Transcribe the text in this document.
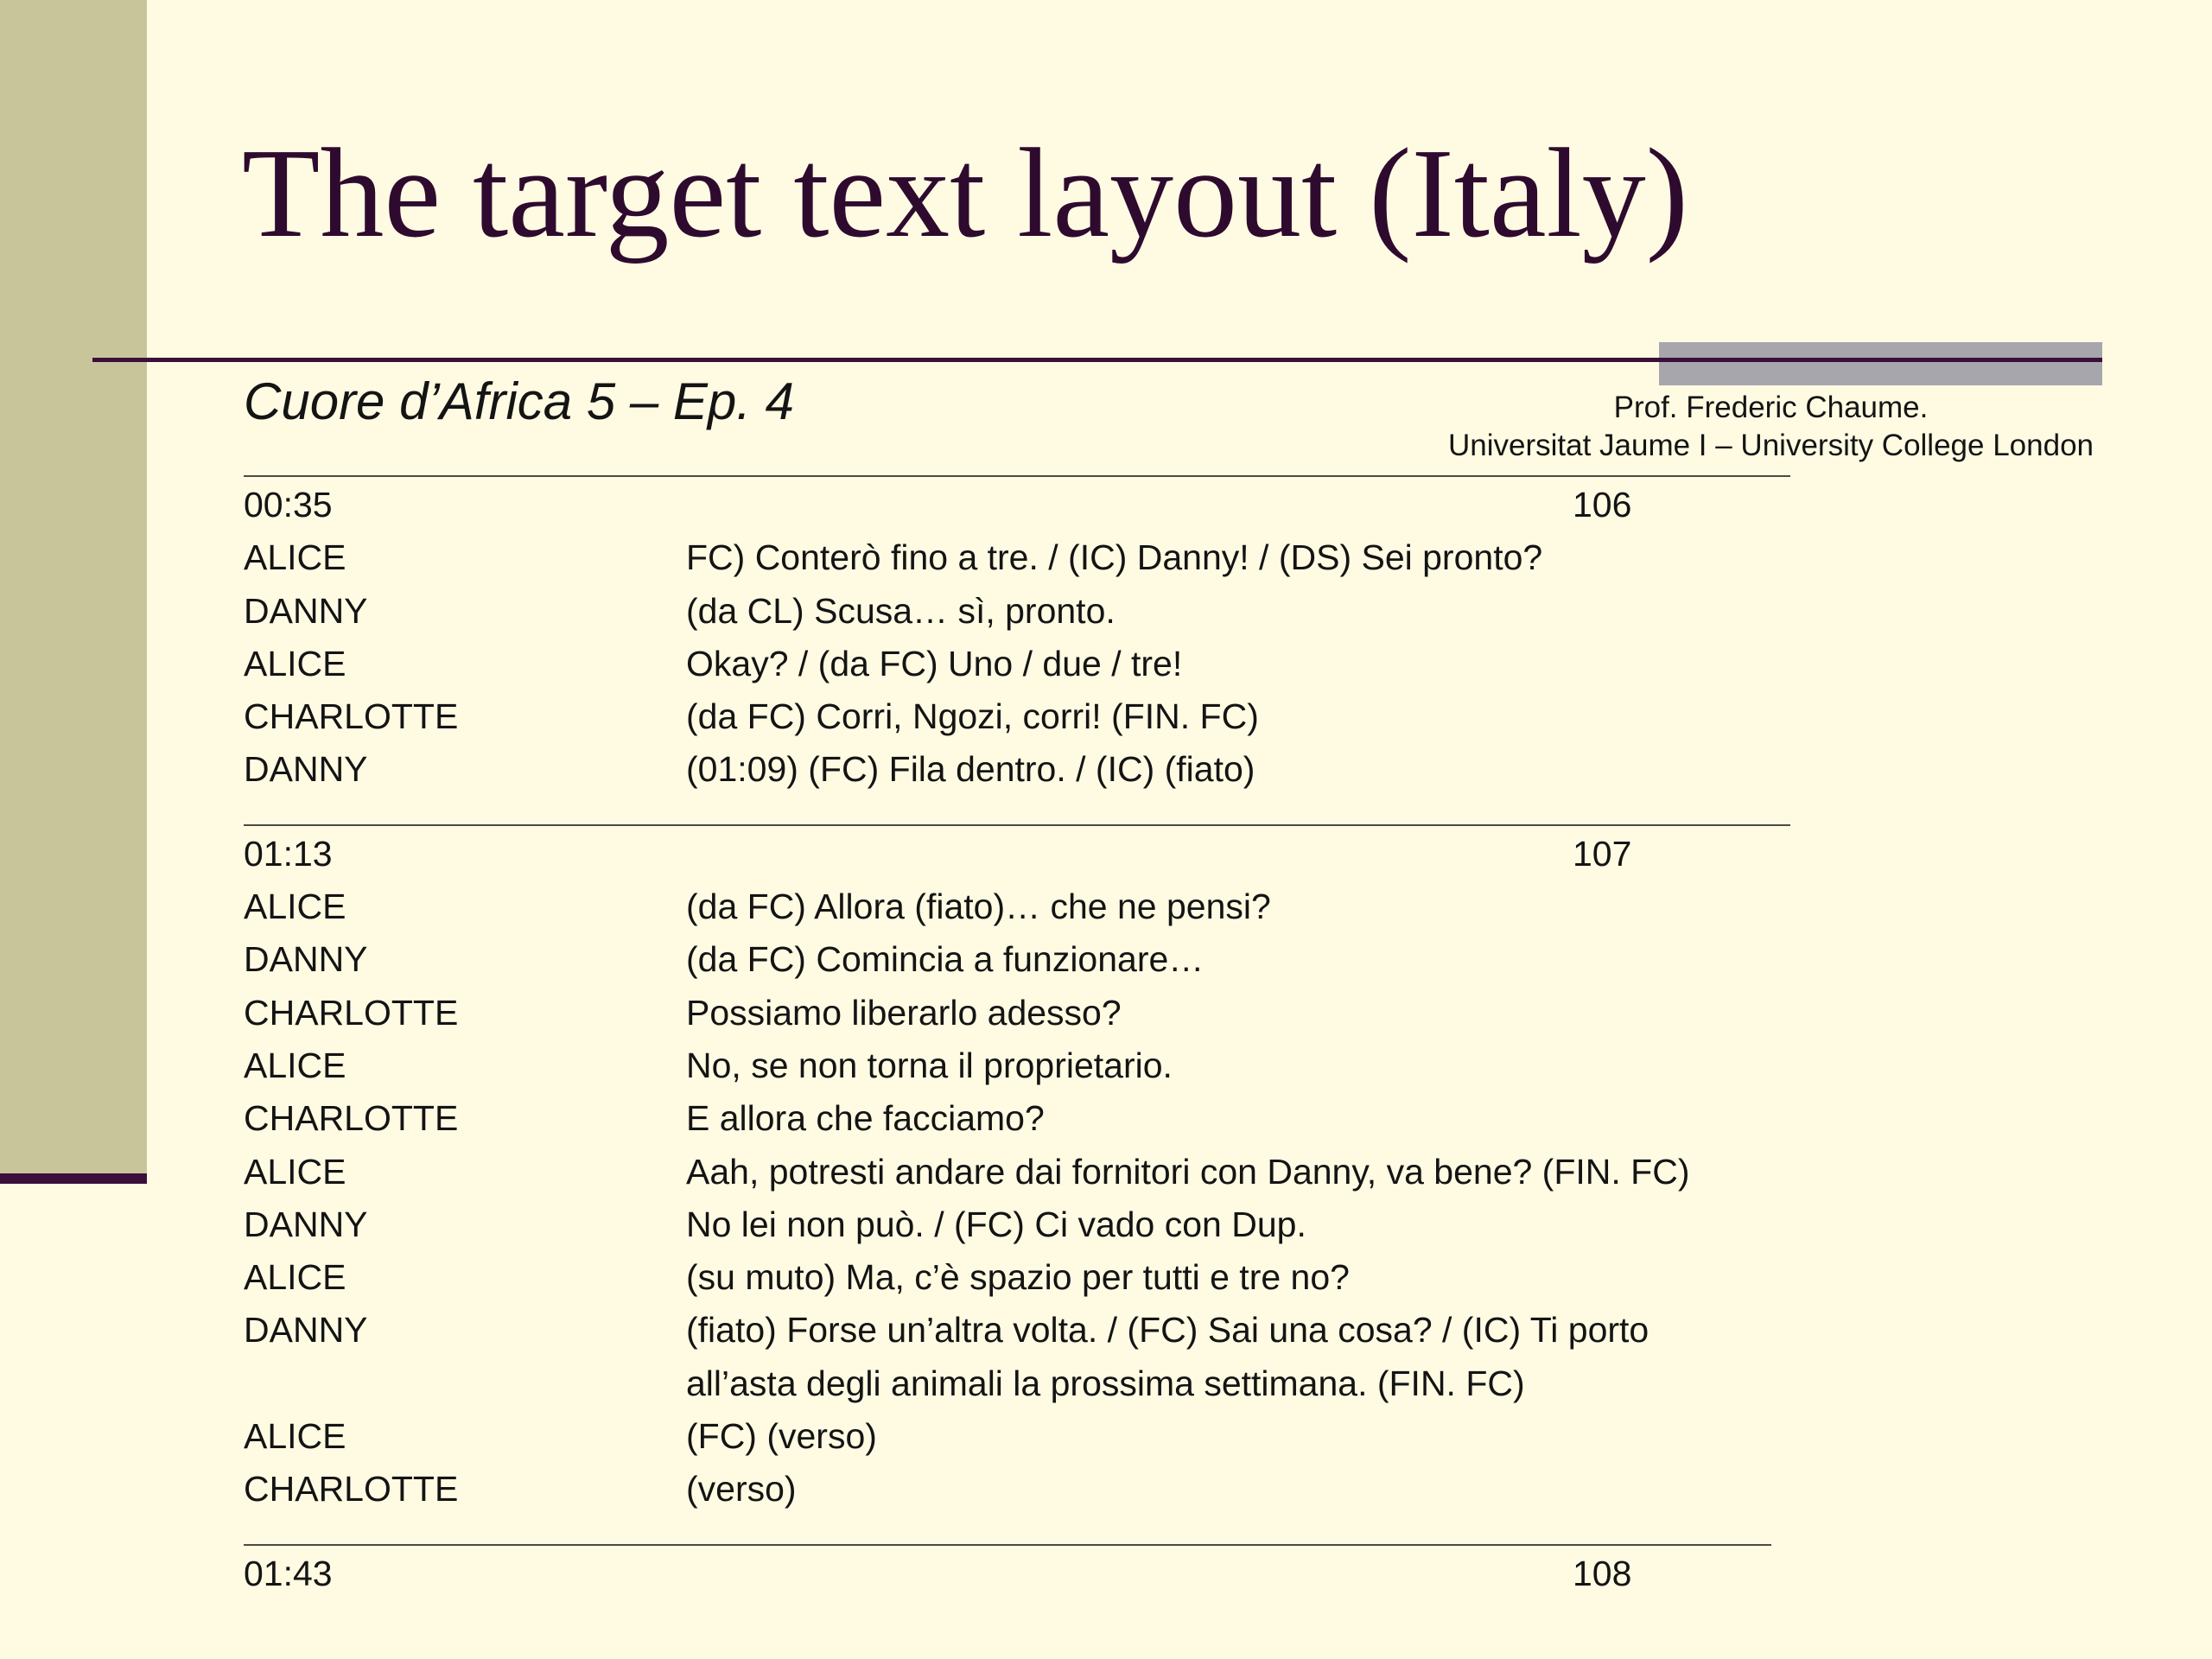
The target text layout (Italy)
Cuore d’Africa 5 – Ep. 4	Prof. Frederic Chaume.
Universitat Jaume I – University College London
00:35	106
ALICE	FC) Conterò fino a tre. / (IC) Danny! / (DS) Sei pronto?
DANNY	(da CL) Scusa… sì, pronto.
ALICE	Okay? / (da FC) Uno / due / tre!
CHARLOTTE	(da FC) Corri, Ngozi, corri! (FIN. FC)
DANNY	(01:09) (FC) Fila dentro. / (IC) (fiato)
01:13	107
ALICE	(da FC) Allora (fiato)… che ne pensi?
DANNY	(da FC) Comincia a funzionare…
CHARLOTTE	Possiamo liberarlo adesso?
ALICE	No, se non torna il proprietario.
CHARLOTTE	E allora che facciamo?
ALICE	Aah, potresti andare dai fornitori con Danny, va bene? (FIN. FC)
DANNY	No lei non può. / (FC) Ci vado con Dup.
ALICE	(su muto) Ma, c’è spazio per tutti e tre no?
DANNY	(fiato) Forse un’altra volta. / (FC) Sai una cosa? / (IC) Ti porto
all’asta degli animali la prossima settimana. (FIN. FC)
ALICE	(FC) (verso)
CHARLOTTE	(verso)
01:43	108
